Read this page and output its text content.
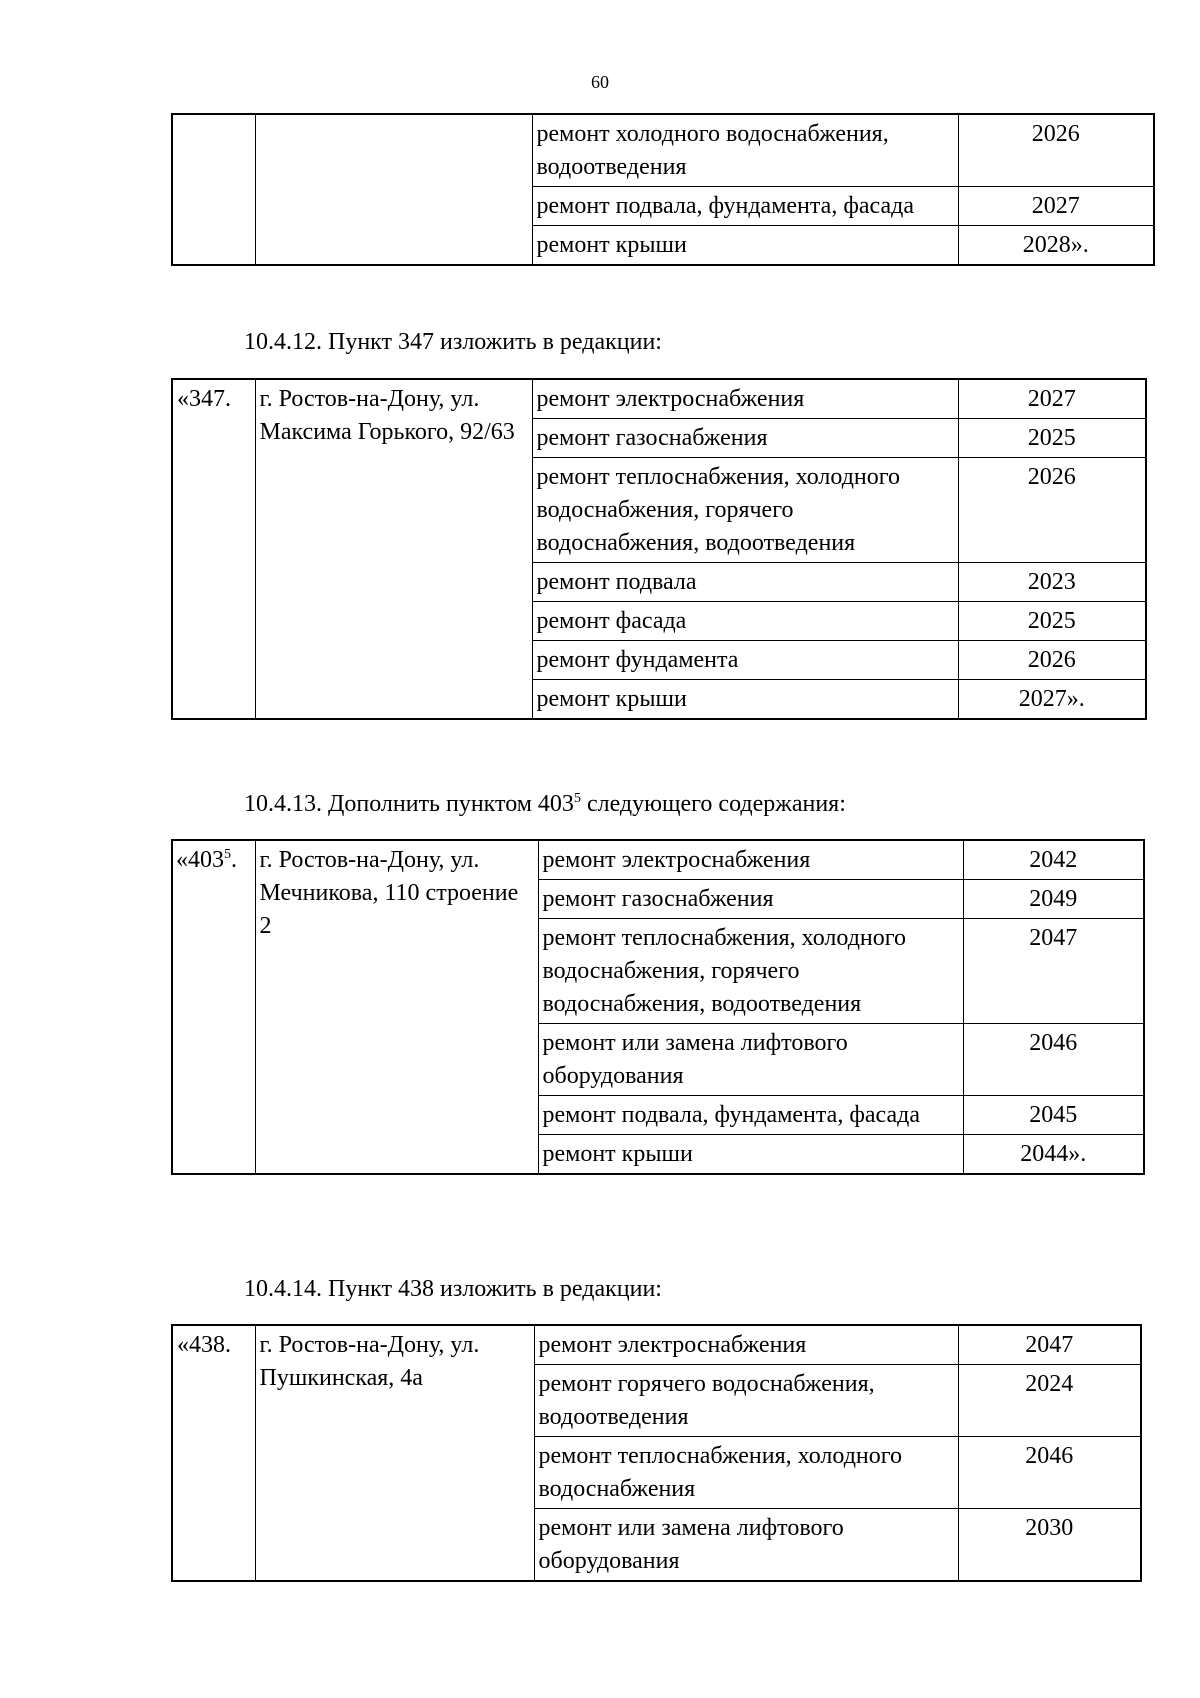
60
		ремонт холодного водоснабжения, водоотведения	2026
		ремонт подвала, фундамента, фасада	2027
		ремонт крыши	2028».
10.4.12. Пункт 347 изложить в редакции:
«347.	г. Ростов-на-Дону, ул. Максима Горького, 92/63	ремонт электроснабжения	2027
		ремонт газоснабжения	2025
		ремонт теплоснабжения, холодного водоснабжения, горячего водоснабжения, водоотведения	2026
		ремонт подвала	2023
		ремонт фасада	2025
		ремонт фундамента	2026
		ремонт крыши	2027».
10.4.13. Дополнить пунктом $403^5$ следующего содержания:
«$403^5$.	г. Ростов-на-Дону, ул. Мечникова, 110 строение 2	ремонт электроснабжения	2042
		ремонт газоснабжения	2049
		ремонт теплоснабжения, холодного водоснабжения, горячего водоснабжения, водоотведения	2047
		ремонт или замена лифтового оборудования	2046
		ремонт подвала, фундамента, фасада	2045
		ремонт крыши	2044».
10.4.14. Пункт 438 изложить в редакции:
«438.	г. Ростов-на-Дону, ул. Пушкинская, 4а	ремонт электроснабжения	2047
		ремонт горячего водоснабжения, водоотведения	2024
		ремонт теплоснабжения, холодного водоснабжения	2046
		ремонт или замена лифтового оборудования	2030
